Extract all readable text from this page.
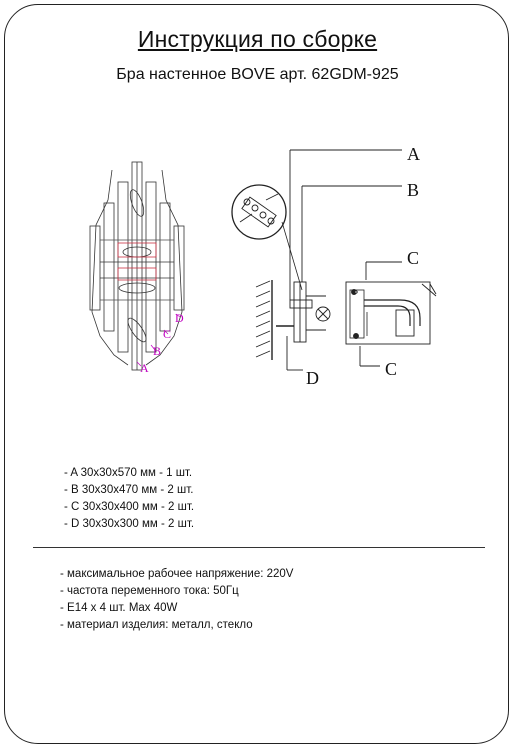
Инструкция по сборке
Бра настенное BOVE арт. 62GDM-925
A
B
C
D
A
B
C
C
D
- A 30x30x570 мм - 1 шт.
- B 30x30x470 мм - 2 шт.
- C 30x30x400 мм - 2 шт.
- D 30x30x300 мм - 2 шт.
- максимальное рабочее напряжение: 220V
- частота переменного тока: 50Гц
- E14 x 4 шт. Max 40W
- материал изделия: металл, стекло
